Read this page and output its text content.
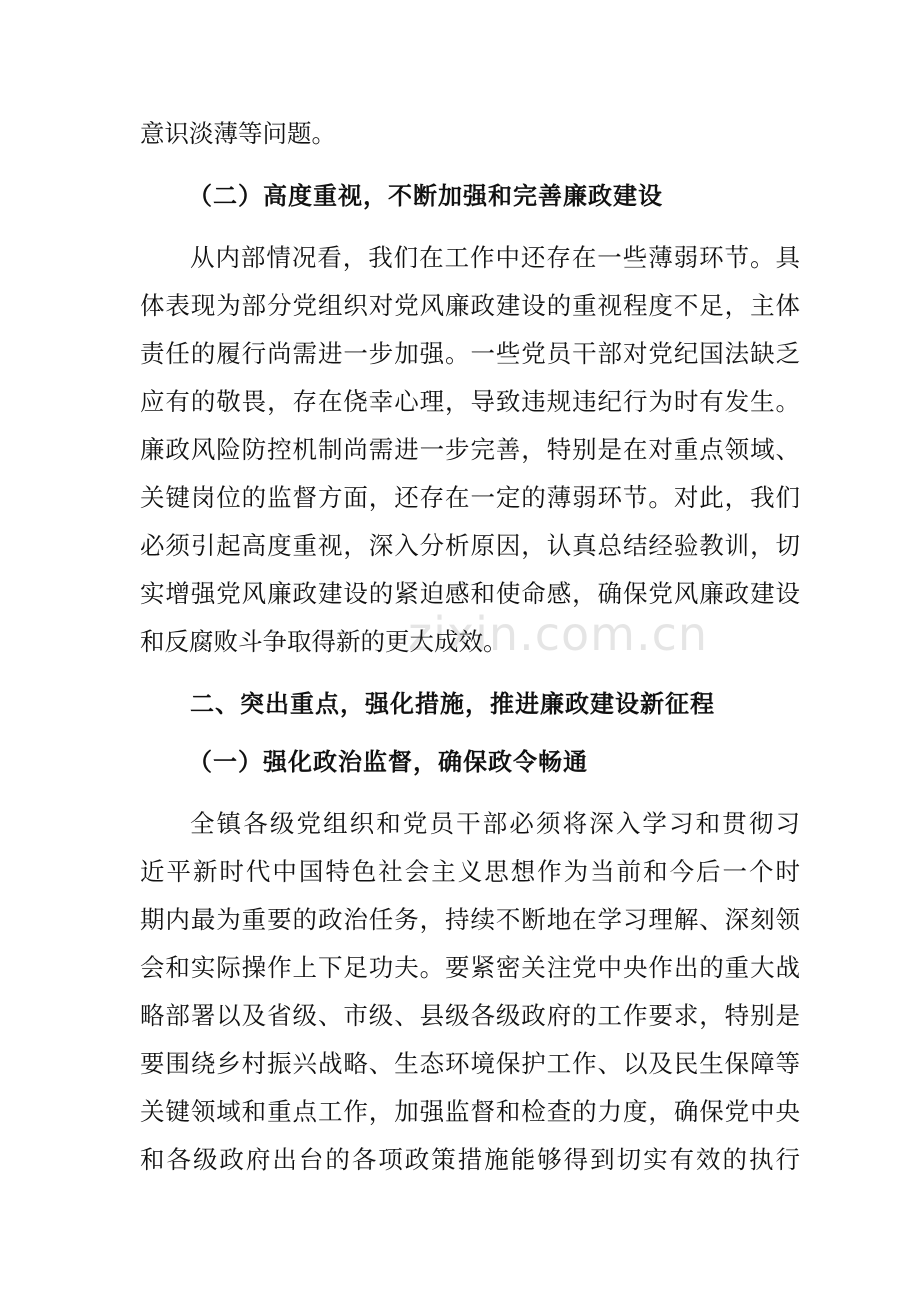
意识淡薄等问题。
（二）高度重视，不断加强和完善廉政建设
从内部情况看，我们在工作中还存在一些薄弱环节。具
体表现为部分党组织对党风廉政建设的重视程度不足，主体
责任的履行尚需进一步加强。一些党员干部对党纪国法缺乏
应有的敬畏，存在侥幸心理，导致违规违纪行为时有发生。
廉政风险防控机制尚需进一步完善，特别是在对重点领域、
关键岗位的监督方面，还存在一定的薄弱环节。对此，我们
必须引起高度重视，深入分析原因，认真总结经验教训，切
实增强党风廉政建设的紧迫感和使命感，确保党风廉政建设
和反腐败斗争取得新的更大成效。
二、突出重点，强化措施，推进廉政建设新征程
（一）强化政治监督，确保政令畅通
全镇各级党组织和党员干部必须将深入学习和贯彻习
近平新时代中国特色社会主义思想作为当前和今后一个时
期内最为重要的政治任务，持续不断地在学习理解、深刻领
会和实际操作上下足功夫。要紧密关注党中央作出的重大战
略部署以及省级、市级、县级各级政府的工作要求，特别是
要围绕乡村振兴战略、生态环境保护工作、以及民生保障等
关键领域和重点工作，加强监督和检查的力度，确保党中央
和各级政府出台的各项政策措施能够得到切实有效的执行
zixin.com.cn
